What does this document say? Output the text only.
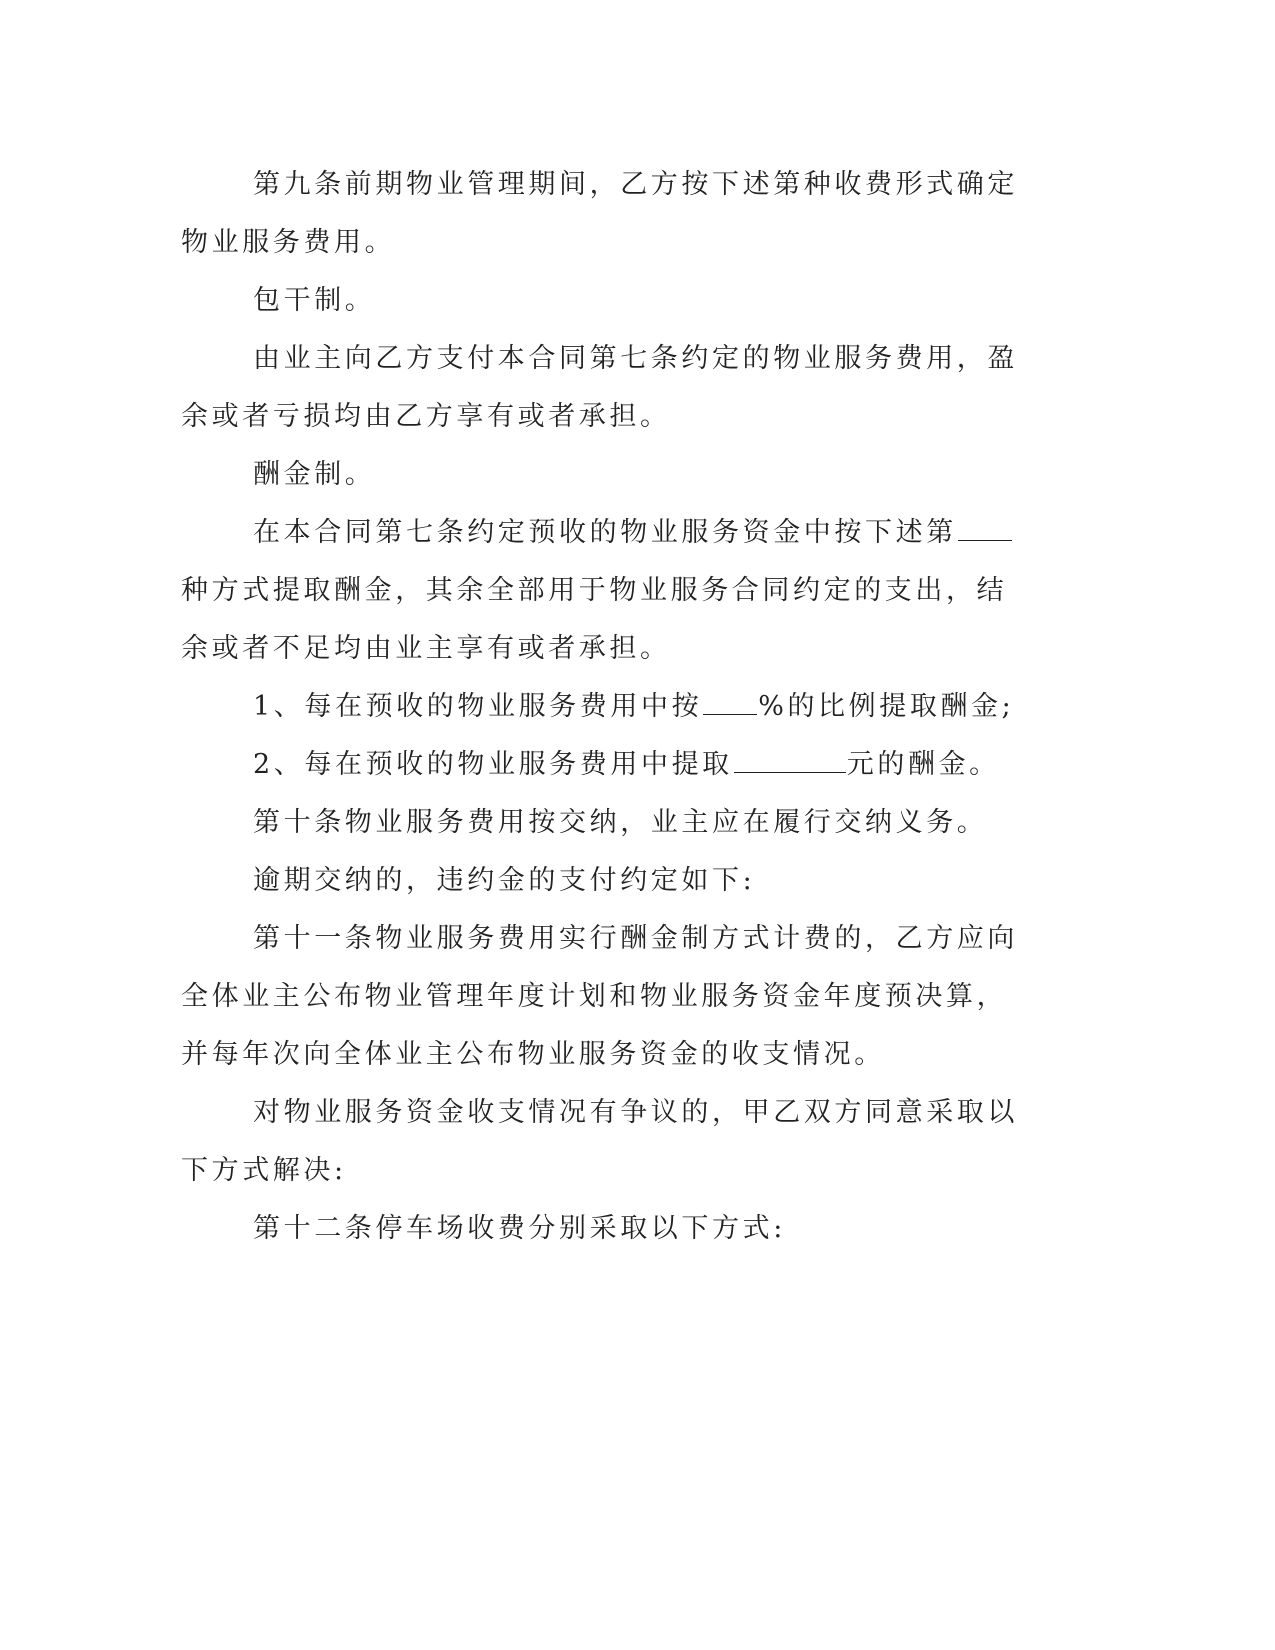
第九条前期物业管理期间，乙方按下述第种收费形式确定物业服务费用。

包干制。

由业主向乙方支付本合同第七条约定的物业服务费用，盈余或者亏损均由乙方享有或者承担。

酬金制。

在本合同第七条约定预收的物业服务资金中按下述第种方式提取酬金，其余全部用于物业服务合同约定的支出，结余或者不足均由业主享有或者承担。

1、每在预收的物业服务费用中按 %的比例提取酬金;

2、每在预收的物业服务费用中提取	元的酬金。

第十条物业服务费用按交纳，业主应在履行交纳义务。

逾期交纳的，违约金的支付约定如下:

第十一条物业服务费用实行酬金制方式计费的，乙方应向全体业主公布物业管理年度计划和物业服务资金年度预决算，并每年次向全体业主公布物业服务资金的收支情况。

对物业服务资金收支情况有争议的，甲乙双方同意采取以下方式解决:

第十二条停车场收费分别采取以下方式:
